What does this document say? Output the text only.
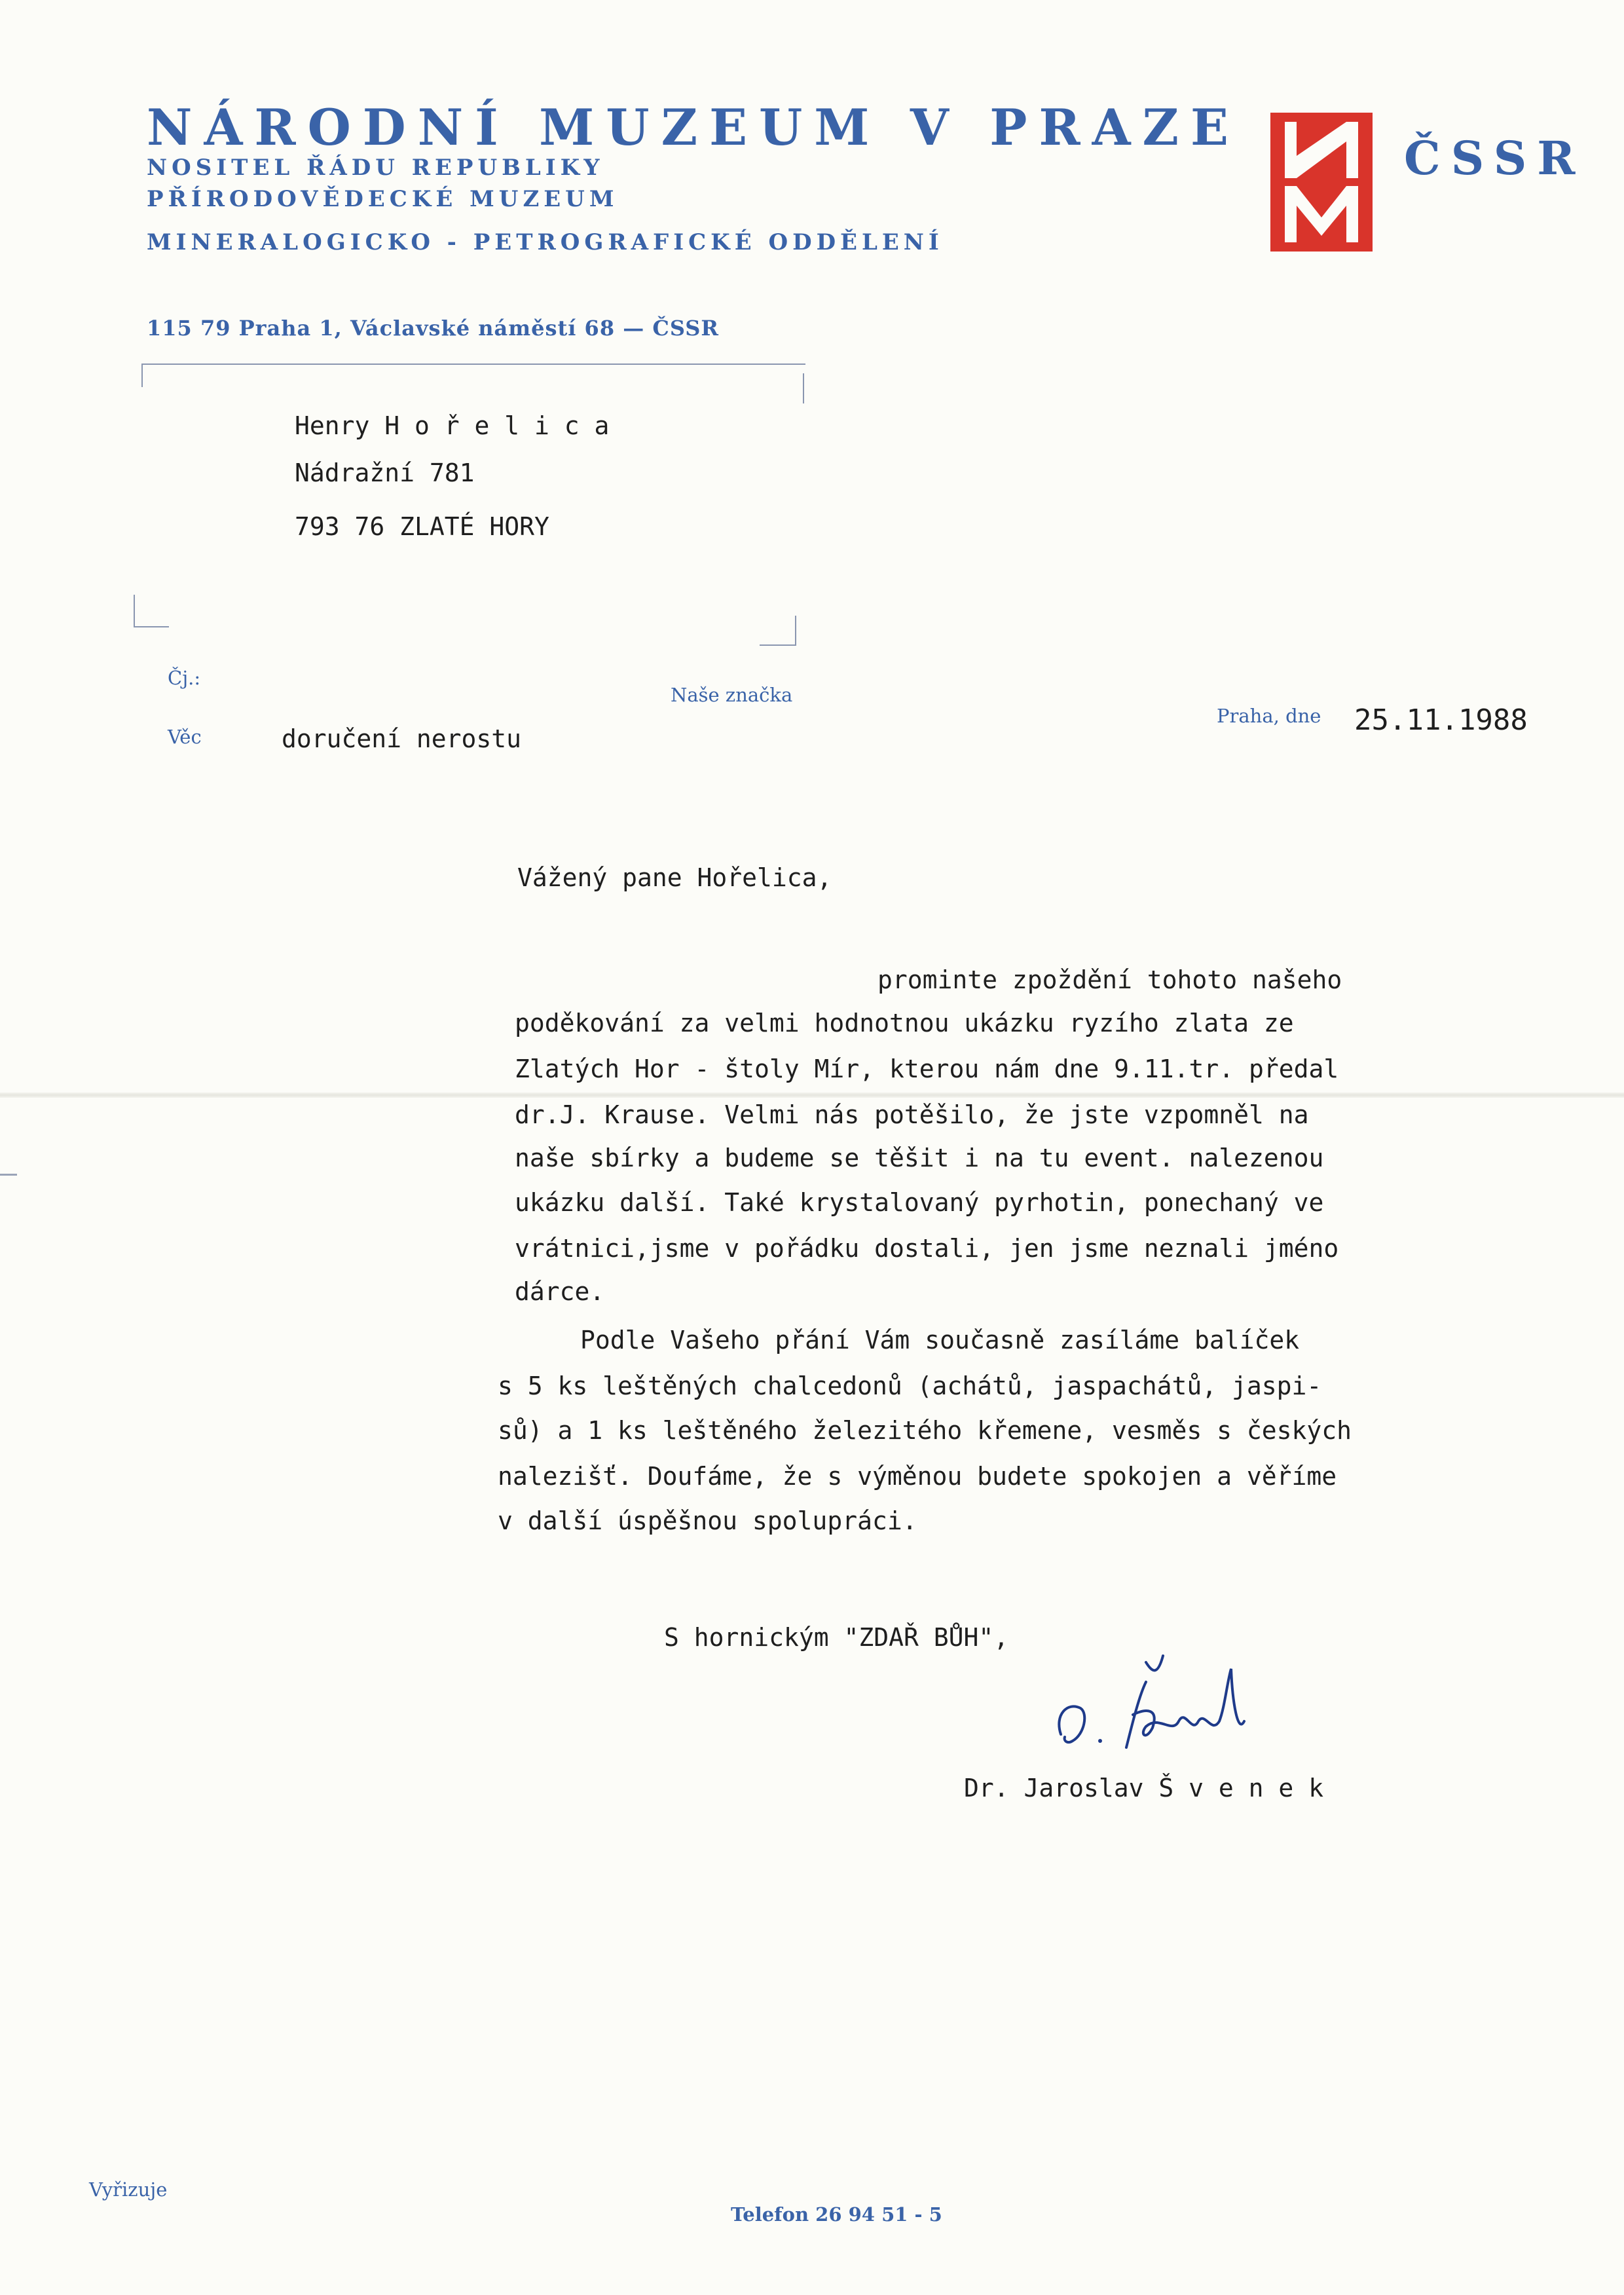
NÁRODNÍ MUZEUM V PRAZE
NOSITEL ŘÁDU REPUBLIKY
PŘÍRODOVĚDECKÉ MUZEUM
MINERALOGICKO - PETROGRAFICKÉ ODDĚLENÍ
115 79 Praha 1, Václavské náměstí 68 — ČSSR
ČSSR
Henry H o ř e l i c a
Nádražní 781
793 76 ZLATÉ HORY
Čj.:
Věc
Naše značka
Praha, dne
doručení nerostu
25.11.1988
Vážený pane Hořelica,
prominte zpoždění tohoto našeho
poděkování za velmi hodnotnou ukázku ryzího zlata ze
Zlatých Hor - štoly Mír, kterou nám dne 9.11.tr. předal
dr.J. Krause. Velmi nás potěšilo, že jste vzpomněl na
naše sbírky a budeme se těšit i na tu event. nalezenou
ukázku další. Také krystalovaný pyrhotin, ponechaný ve
vrátnici,jsme v pořádku dostali, jen jsme neznali jméno
dárce.
Podle Vašeho přání Vám současně zasíláme balíček
s 5 ks leštěných chalcedonů (achátů, jaspachátů, jaspi-
sů) a 1 ks leštěného železitého křemene, vesměs s českých
nalezišť. Doufáme, že s výměnou budete spokojen a věříme
v další úspěšnou spolupráci.
S hornickým "ZDAŘ BŮH",
Dr. Jaroslav Š v e n e k
Vyřizuje
Telefon 26 94 51 - 5
